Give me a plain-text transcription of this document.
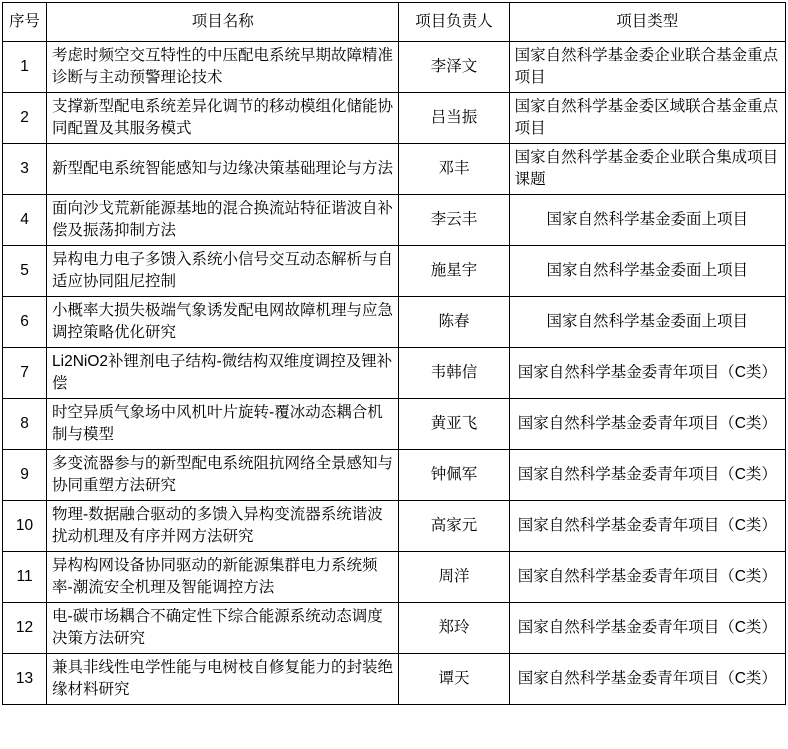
序号	项目名称	项目负责人	项目类型
1	考虑时频空交互特性的中压配电系统早期故障精准诊断与主动预警理论技术	李泽文	国家自然科学基金委企业联合基金重点项目
2	支撑新型配电系统差异化调节的移动模组化储能协同配置及其服务模式	吕当振	国家自然科学基金委区域联合基金重点项目
3	新型配电系统智能感知与边缘决策基础理论与方法	邓丰	国家自然科学基金委企业联合集成项目课题
4	面向沙戈荒新能源基地的混合换流站特征谐波自补偿及振荡抑制方法	李云丰	国家自然科学基金委面上项目
5	异构电力电子多馈入系统小信号交互动态解析与自适应协同阻尼控制	施星宇	国家自然科学基金委面上项目
6	小概率大损失极端气象诱发配电网故障机理与应急调控策略优化研究	陈春	国家自然科学基金委面上项目
7	Li2NiO2补锂剂电子结构-微结构双维度调控及锂补偿	韦韩信	国家自然科学基金委青年项目（C类）
8	时空异质气象场中风机叶片旋转-覆冰动态耦合机制与模型	黄亚飞	国家自然科学基金委青年项目（C类）
9	多变流器参与的新型配电系统阻抗网络全景感知与协同重塑方法研究	钟佩军	国家自然科学基金委青年项目（C类）
10	物理-数据融合驱动的多馈入异构变流器系统谐波扰动机理及有序并网方法研究	高家元	国家自然科学基金委青年项目（C类）
11	异构构网设备协同驱动的新能源集群电力系统频率-潮流安全机理及智能调控方法	周洋	国家自然科学基金委青年项目（C类）
12	电-碳市场耦合不确定性下综合能源系统动态调度决策方法研究	郑玲	国家自然科学基金委青年项目（C类）
13	兼具非线性电学性能与电树枝自修复能力的封装绝缘材料研究	谭天	国家自然科学基金委青年项目（C类）
